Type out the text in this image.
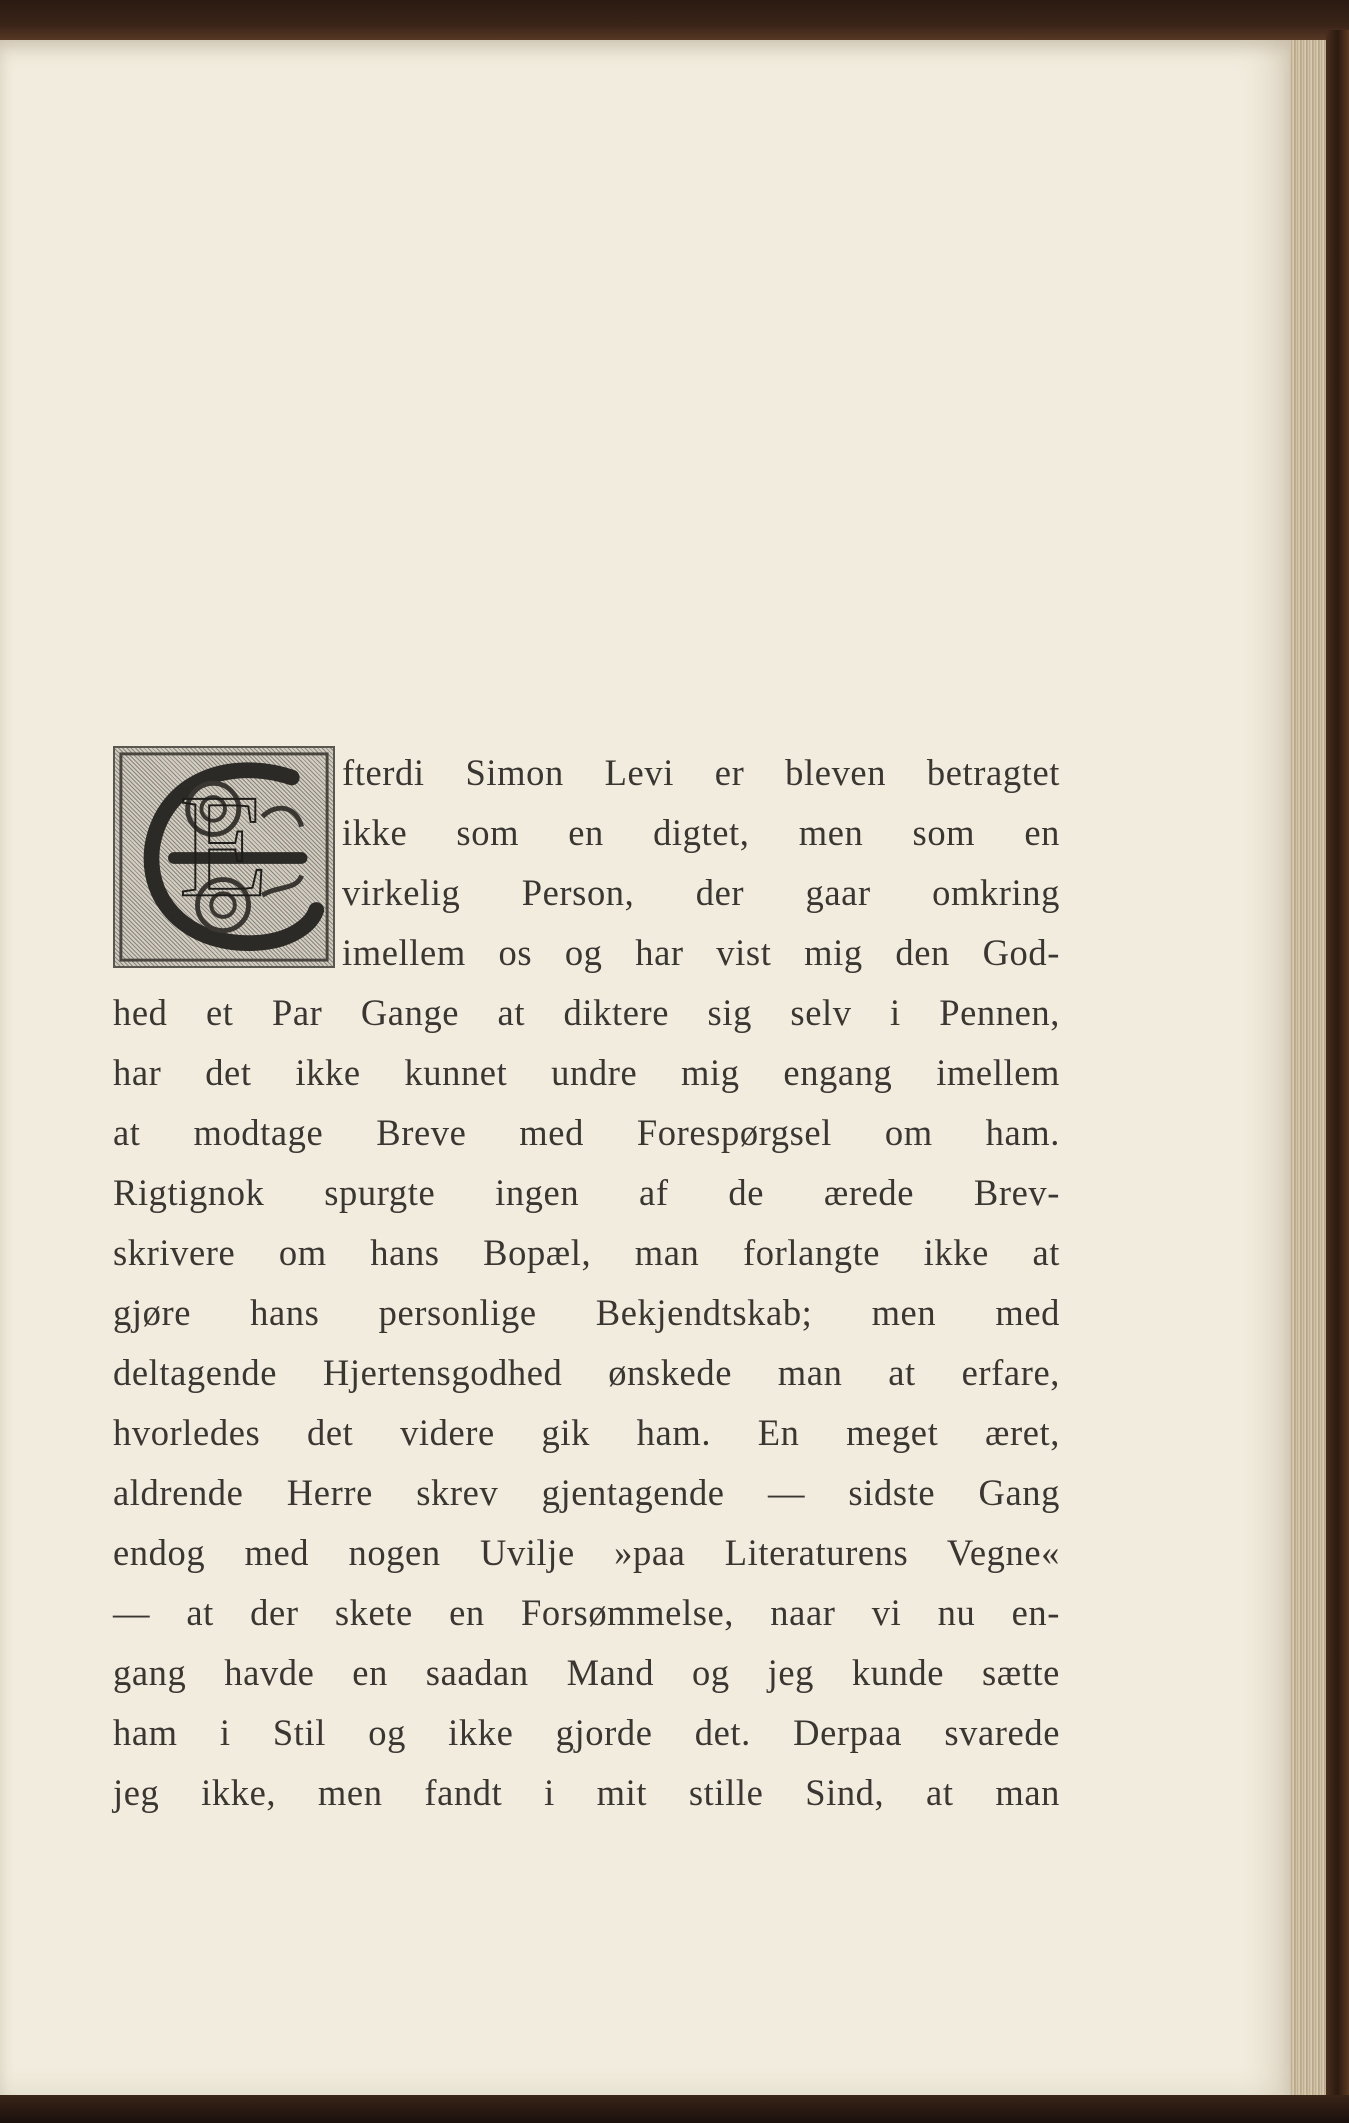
E fterdi Simon Levi er bleven betragtet
ikke som en digtet, men som en
virkelig Person, der gaar omkring
imellem os og har vist mig den God-
hed et Par Gange at diktere sig selv i Pennen,
har det ikke kunnet undre mig engang imellem
at modtage Breve med Forespørgsel om ham.
Rigtignok spurgte ingen af de ærede Brev-
skrivere om hans Bopæl, man forlangte ikke at
gjøre hans personlige Bekjendtskab; men med
deltagende Hjertensgodhed ønskede man at erfare,
hvorledes det videre gik ham. En meget æret,
aldrende Herre skrev gjentagende — sidste Gang
endog med nogen Uvilje »paa Literaturens Vegne«
— at der skete en Forsømmelse, naar vi nu en-
gang havde en saadan Mand og jeg kunde sætte
ham i Stil og ikke gjorde det. Derpaa svarede
jeg ikke, men fandt i mit stille Sind, at man
